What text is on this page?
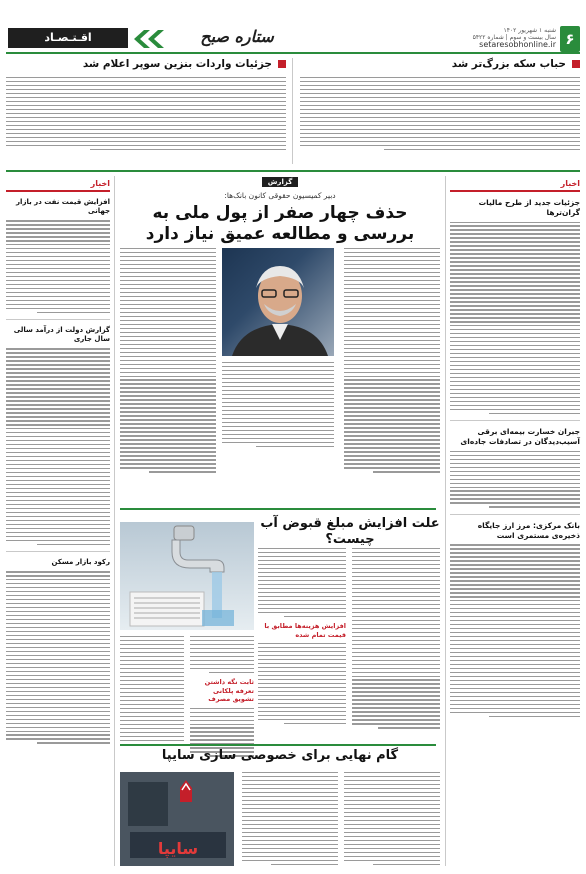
۶
setaresobhonline.ir
شنبه ۱ شهریور ۱۴۰۲
سال بیست و سوم | شماره ۵۴۲۲
ستاره صبح
اقـتـصـاد
حباب سکه بزرگ‌تر شد
جزئیات واردات بنزین سوپر اعلام شد
اخبار
جزئیات جدید از طرح مالیات گران‌ترها
جبران خسارت بیمه‌ای برقی آسیب‌دیدگان در تصادفات جاده‌ای
بانک مرکزی: مرز ارز جایگاه ذخیره‌ی مستمری است
اخبار
افزایش قیمت نفت در بازار جهانی
گزارش دولت از درآمد سالی سال جاری
رکود بازار مسکن
گزارش
دبیر کمیسیون حقوقی کانون بانک‌ها:
حذف چهار صفر از پول ملی به بررسی و مطالعه عمیق نیاز دارد
علت افزایش مبلغ قبوض آب چیست؟
افزایش هزینه‌ها مطابق با قیمت تمام شده
ثابت نگه داشتن تعرفه پلکانی تشویق مصرف
گام نهایی برای خصوصی سازی سایپا
سایپا
